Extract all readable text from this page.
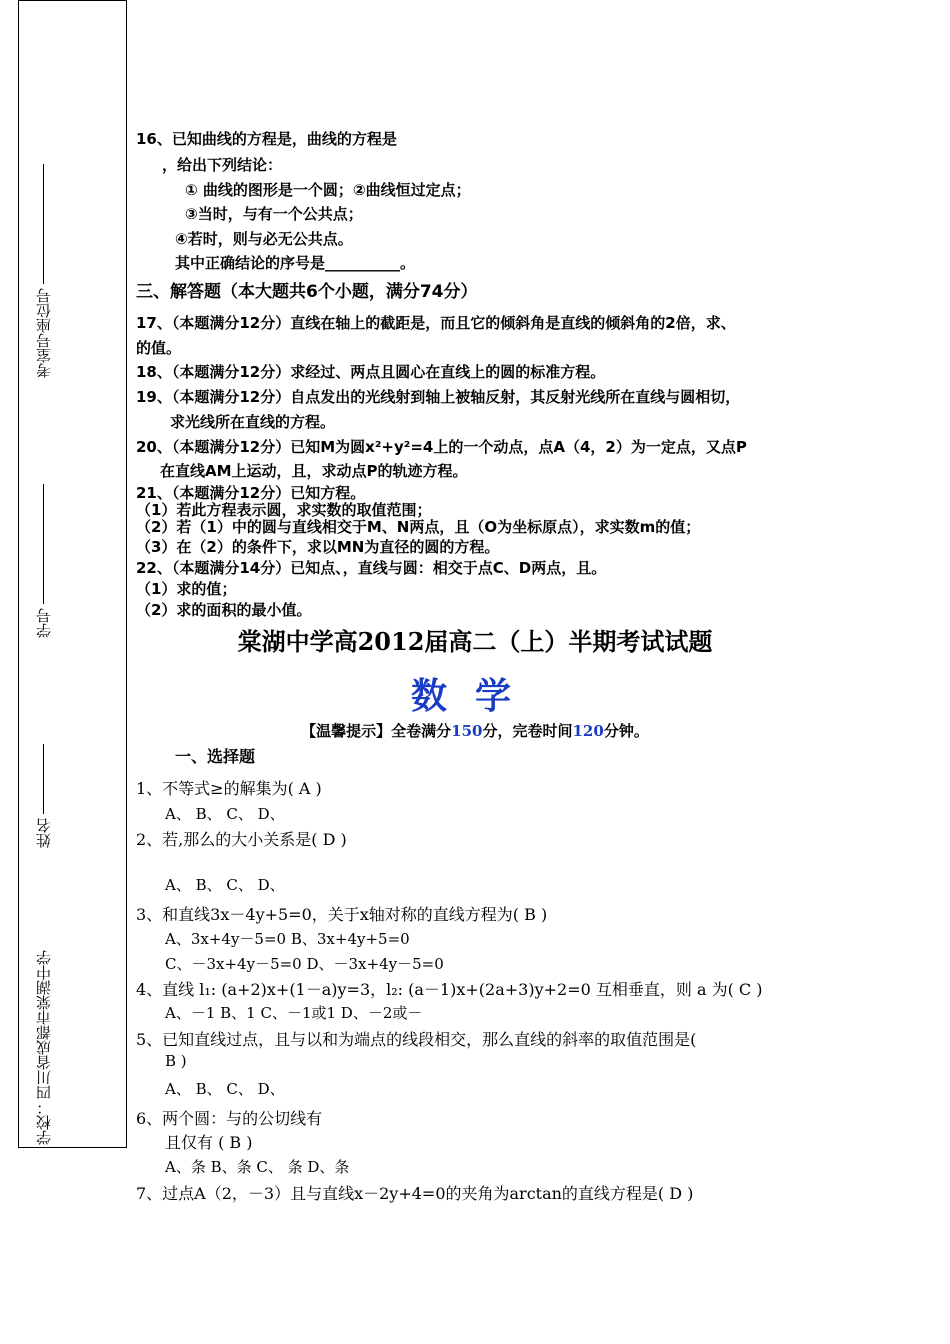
考室号座位号
学号
姓名
学校：四川省成都市棠湖中学
16、已知曲线的方程是，曲线的方程是
，给出下列结论：
① 曲线的图形是一个圆；②曲线恒过定点；
③当时，与有一个公共点；
④若时，则与必无公共点。
其中正确结论的序号是__________。
三、解答题（本大题共6个小题，满分74分）
17、（本题满分12分）直线在轴上的截距是，而且它的倾斜角是直线的倾斜角的2倍，求、
的值。
18、（本题满分12分）求经过、两点且圆心在直线上的圆的标准方程。
19、（本题满分12分）自点发出的光线射到轴上被轴反射，其反射光线所在直线与圆相切，
求光线所在直线的方程。
20、（本题满分12分）已知M为圆x²+y²=4上的一个动点，点A（4，2）为一定点，又点P
在直线AM上运动，且，求动点P的轨迹方程。
21、（本题满分12分）已知方程。
（1）若此方程表示圆，求实数的取值范围；
（2）若（1）中的圆与直线相交于M、N两点，且（O为坐标原点），求实数m的值；
（3）在（2）的条件下，求以MN为直径的圆的方程。
22、（本题满分14分）已知点、，直线与圆：相交于点C、D两点，且。
（1）求的值；
（2）求的面积的最小值。
棠湖中学高2012届高二（上）半期考试试题
数学
【温馨提示】全卷满分150分，完卷时间120分钟。
一、选择题
1、不等式≥的解集为( A )
A、 B、 C、 D、
2、若,那么的大小关系是( D )
A、 B、 C、 D、
3、和直线3x－4y+5=0，关于x轴对称的直线方程为( B )
A、3x+4y－5=0 B、3x+4y+5=0
C、－3x+4y－5=0 D、－3x+4y－5=0
4、直线 l₁: (a+2)x+(1－a)y=3，l₂: (a－1)x+(2a+3)y+2=0 互相垂直，则 a 为( C )
A、－1 B、1 C、－1或1 D、－2或－
5、已知直线过点，且与以和为端点的线段相交，那么直线的斜率的取值范围是(
B )
A、 B、 C、 D、
6、两个圆：与的公切线有
且仅有 ( B )
A、条 B、条 C、 条 D、条
7、过点A（2，－3）且与直线x－2y+4=0的夹角为arctan的直线方程是( D )
